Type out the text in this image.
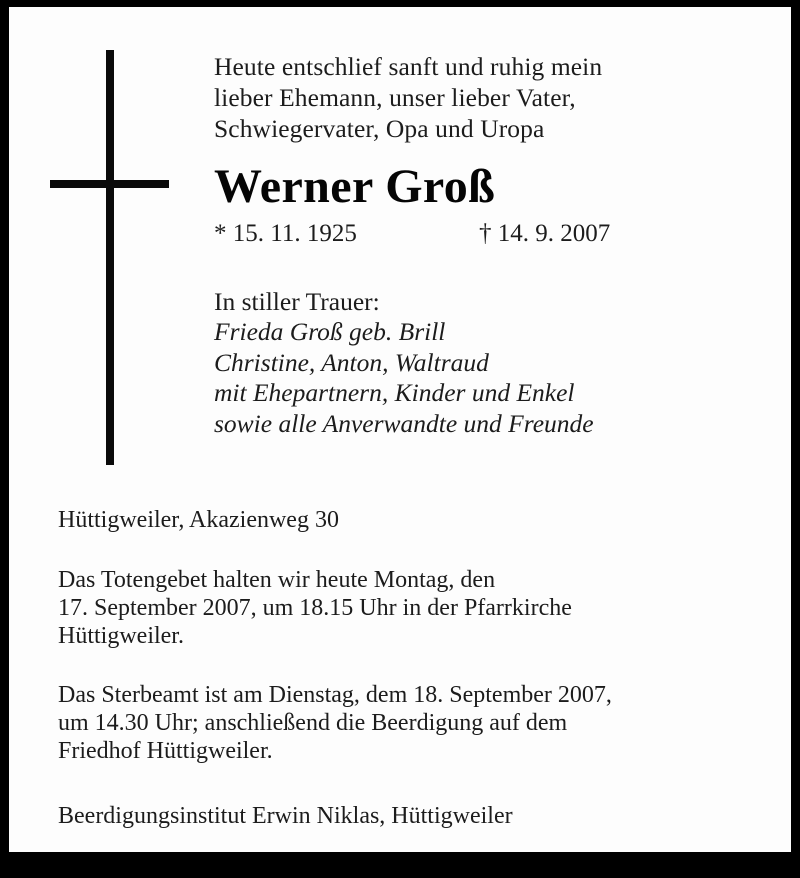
Heute entschlief sanft und ruhig mein
lieber Ehemann, unser lieber Vater,
Schwiegervater, Opa und Uropa
Werner Groß
* 15. 11. 1925	† 14. 9. 2007
In stiller Trauer:
Frieda Groß geb. Brill
Christine, Anton, Waltraud
mit Ehepartnern, Kinder und Enkel
sowie alle Anverwandte und Freunde
Hüttigweiler, Akazienweg 30
Das Totengebet halten wir heute Montag, den
17. September 2007, um 18.15 Uhr in der Pfarrkirche
Hüttigweiler.
Das Sterbeamt ist am Dienstag, dem 18. September 2007,
um 14.30 Uhr; anschließend die Beerdigung auf dem
Friedhof Hüttigweiler.
Beerdigungsinstitut Erwin Niklas, Hüttigweiler
